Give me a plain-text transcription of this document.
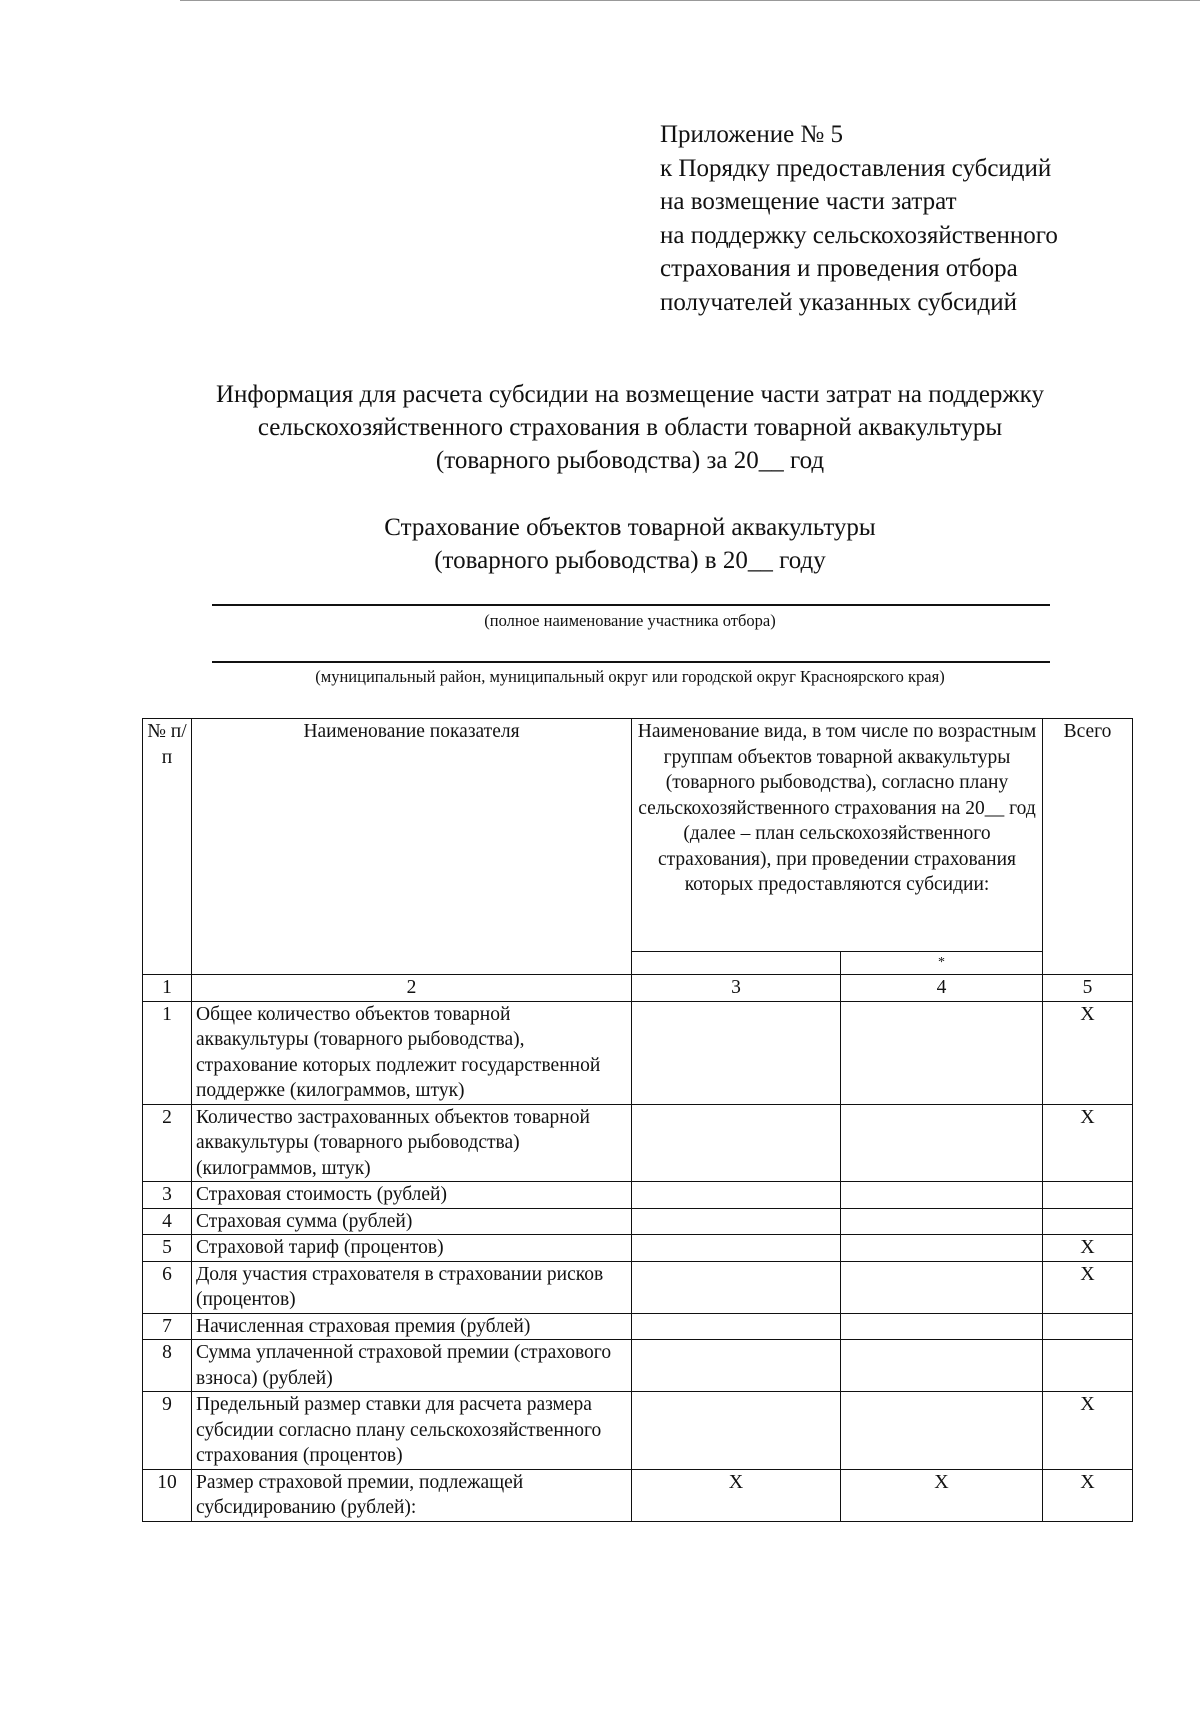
Приложение № 5
к Порядку предоставления субсидий
на возмещение части затрат
на поддержку сельскохозяйственного
страхования и проведения отбора
получателей указанных субсидий
Информация для расчета субсидии на возмещение части затрат на поддержку
сельскохозяйственного страхования в области товарной аквакультуры
(товарного рыбоводства) за 20__ год
Страхование объектов товарной аквакультуры
(товарного рыбоводства) в 20__ году
(полное наименование участника отбора)
(муниципальный район, муниципальный округ или городской округ Красноярского края)
№ п/п	Наименование показателя	Наименование вида, в том числе по возрастным группам объектов товарной аквакультуры (товарного рыбоводства), согласно плану сельскохозяйственного страхования на 20__ год (далее – план сельскохозяйственного страхования), при проведении страхования которых предоставляются субсидии:		Всего
			*	
1	2	3	4	5
1	Общее количество объектов товарной аквакультуры (товарного рыбоводства), страхование которых подлежит государственной поддержке (килограммов, штук)			X
2	Количество застрахованных объектов товарной аквакультуры (товарного рыбоводства) (килограммов, штук)			X
3	Страховая стоимость (рублей)			
4	Страховая сумма (рублей)			
5	Страховой тариф (процентов)			X
6	Доля участия страхователя в страховании рисков (процентов)			X
7	Начисленная страховая премия (рублей)			
8	Сумма уплаченной страховой премии (страхового взноса) (рублей)			
9	Предельный размер ставки для расчета размера субсидии согласно плану сельскохозяйственного страхования (процентов)			X
10	Размер страховой премии, подлежащей субсидированию (рублей):	X	X	X
